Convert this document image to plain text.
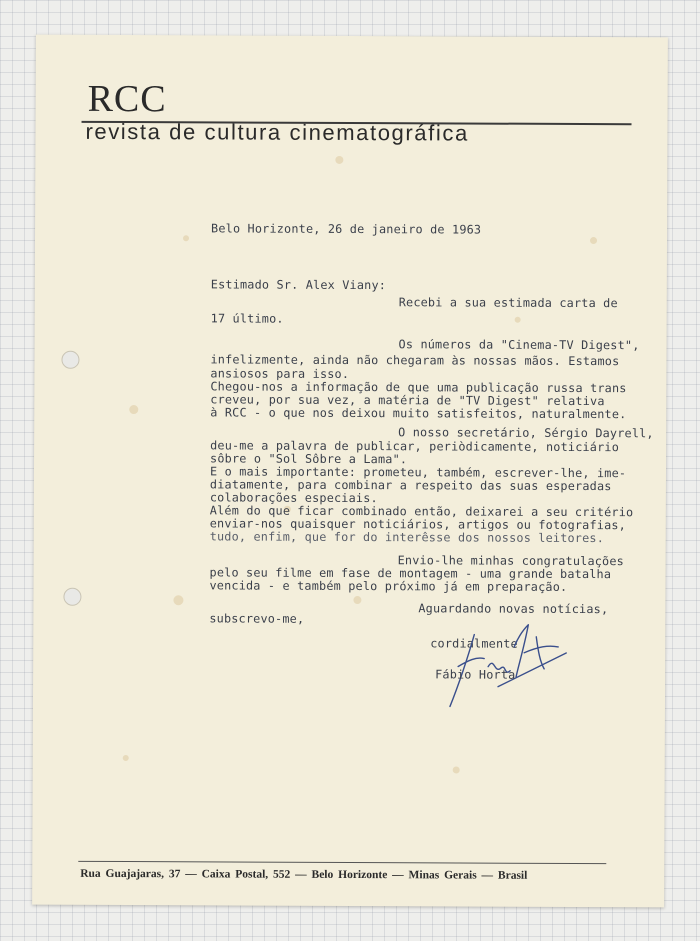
RCC
revista de cultura cinematográfica
Belo Horizonte, 26 de janeiro de 1963
Estimado Sr. Alex Viany:
Recebi a sua estimada carta de
17 último.
Os números da "Cinema-TV Digest",
infelizmente, ainda não chegaram às nossas mãos. Estamos
ansiosos para isso.
Chegou-nos a informação de que uma publicação russa trans
creveu, por sua vez, a matéria de "TV Digest" relativa
à RCC - o que nos deixou muito satisfeitos, naturalmente.
O nosso secretário, Sérgio Dayrell,
deu-me a palavra de publicar, periòdicamente, noticiário
sôbre o "Sol Sôbre a Lama".
E o mais importante: prometeu, também, escrever-lhe, ime-
diatamente, para combinar a respeito das suas esperadas
colaborações especiais.
Além do que ficar combinado então, deixarei a seu critério
enviar-nos quaisquer noticiários, artigos ou fotografias,
tudo, enfim, que for do interêsse dos nossos leitores.
Envio-lhe minhas congratulações
pelo seu filme em fase de montagem - uma grande batalha
vencida - e também pelo próximo já em preparação.
Aguardando novas notícias,
subscrevo-me,
cordialmente
Fábio Horta
Rua Guajajaras, 37 — Caixa Postal, 552 — Belo Horizonte — Minas Gerais — Brasil
